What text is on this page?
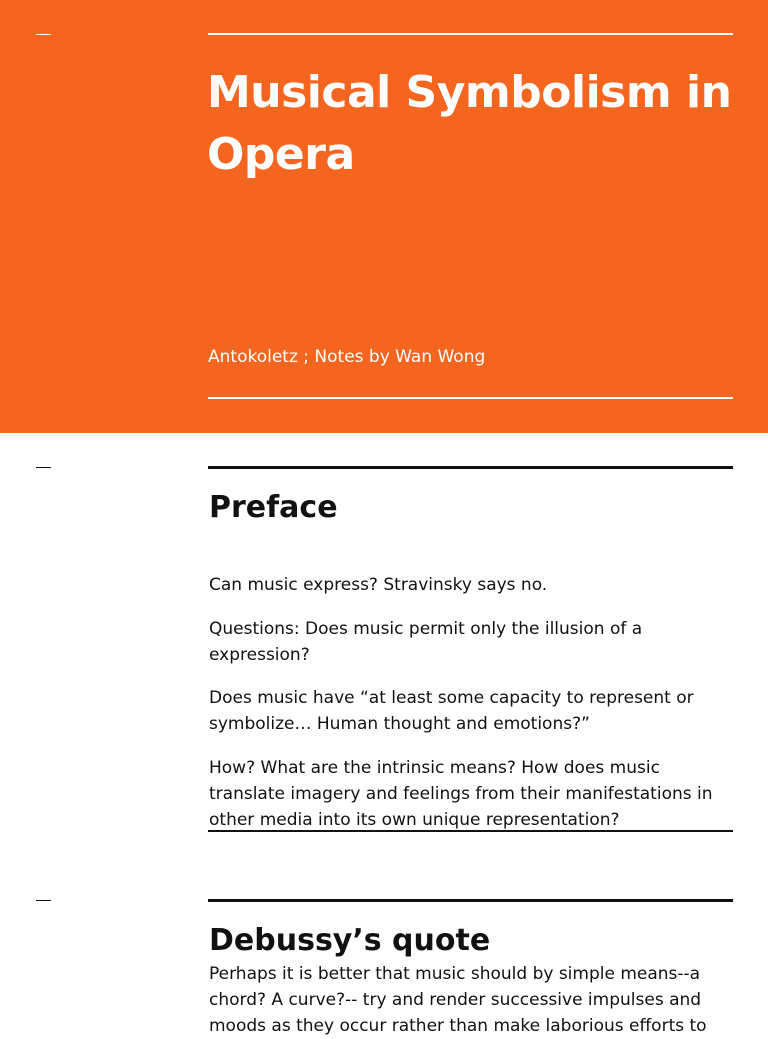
Musical Symbolism in Opera

Antokoletz ; Notes by Wan Wong

Preface

Can music express? Stravinsky says no.

Questions: Does music permit only the illusion of a expression?

Does music have “at least some capacity to represent or symbolize… Human thought and emotions?”

How? What are the intrinsic means? How does music translate imagery and feelings from their manifestations in other media into its own unique representation?

Debussy’s quote

Perhaps it is better that music should by simple means--a chord? A curve?-- try and render successive impulses and moods as they occur rather than make laborious efforts to
